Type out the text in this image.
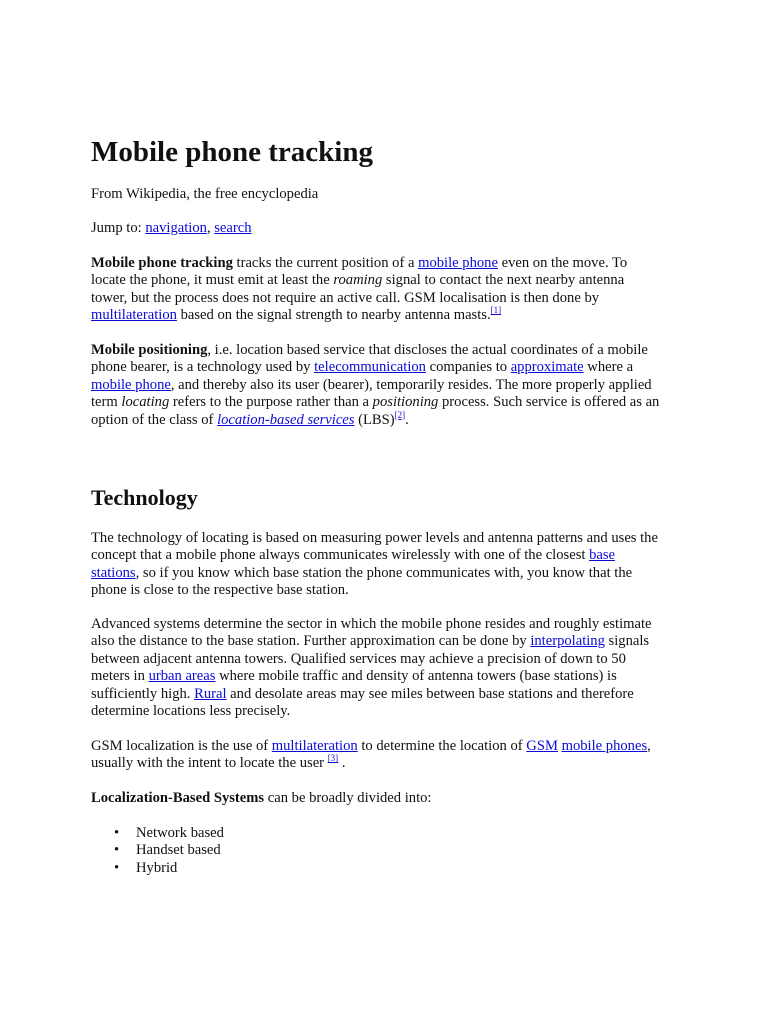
Mobile phone tracking

From Wikipedia, the free encyclopedia

Jump to: navigation, search

Mobile phone tracking tracks the current position of a mobile phone even on the move. To
locate the phone, it must emit at least the roaming signal to contact the next nearby antenna
tower, but the process does not require an active call. GSM localisation is then done by
multilateration based on the signal strength to nearby antenna masts.[1]

Mobile positioning, i.e. location based service that discloses the actual coordinates of a mobile
phone bearer, is a technology used by telecommunication companies to approximate where a
mobile phone, and thereby also its user (bearer), temporarily resides. The more properly applied
term locating refers to the purpose rather than a positioning process. Such service is offered as an
option of the class of location-based services (LBS)[2].

Technology

The technology of locating is based on measuring power levels and antenna patterns and uses the
concept that a mobile phone always communicates wirelessly with one of the closest base
stations, so if you know which base station the phone communicates with, you know that the
phone is close to the respective base station.

Advanced systems determine the sector in which the mobile phone resides and roughly estimate
also the distance to the base station. Further approximation can be done by interpolating signals
between adjacent antenna towers. Qualified services may achieve a precision of down to 50
meters in urban areas where mobile traffic and density of antenna towers (base stations) is
sufficiently high. Rural and desolate areas may see miles between base stations and therefore
determine locations less precisely.

GSM localization is the use of multilateration to determine the location of GSM mobile phones,
usually with the intent to locate the user [3] .

Localization-Based Systems can be broadly divided into:

• Network based
• Handset based
• Hybrid
